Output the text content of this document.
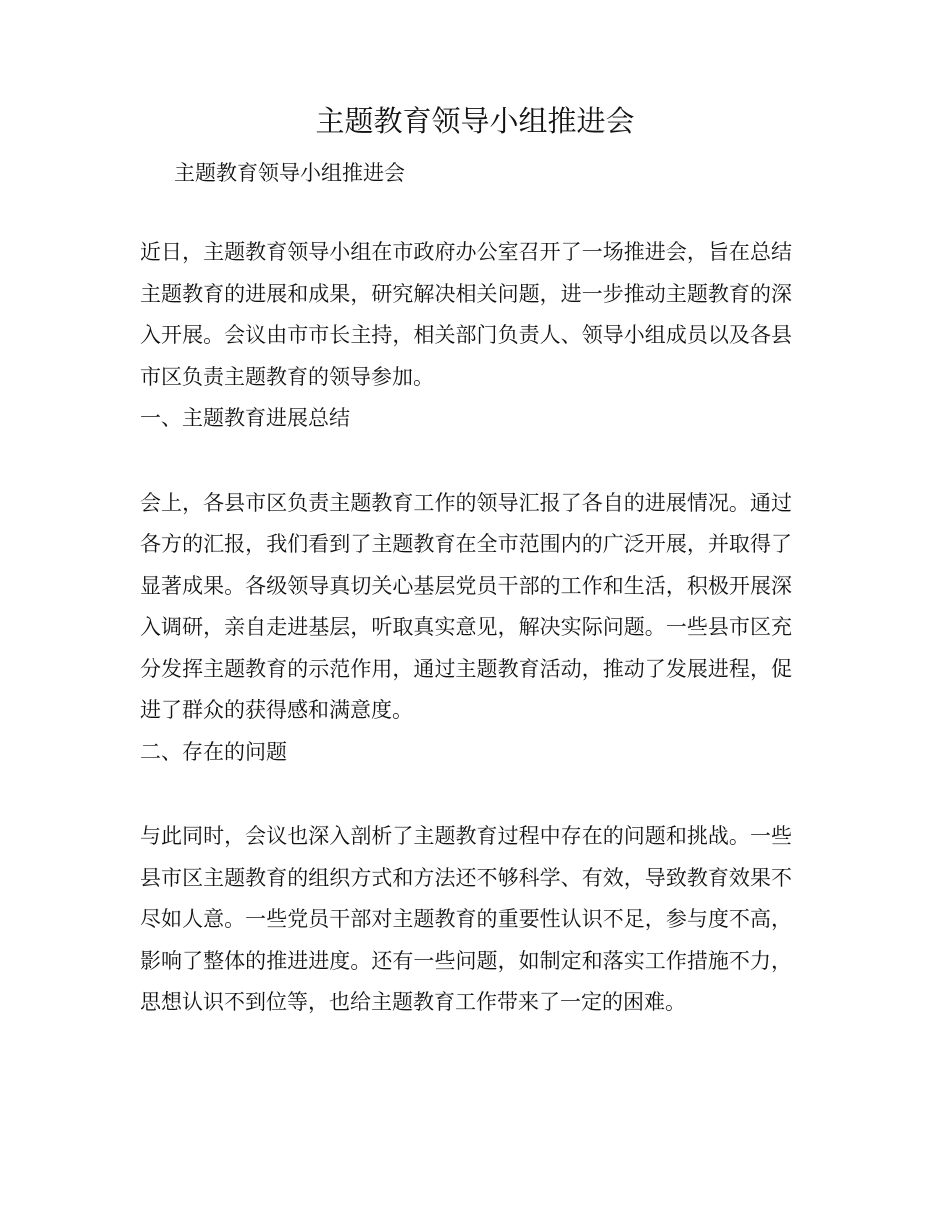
主题教育领导小组推进会

主题教育领导小组推进会

近日，主题教育领导小组在市政府办公室召开了一场推进会，旨在总结主题教育的进展和成果，研究解决相关问题，进一步推动主题教育的深入开展。会议由市市长主持，相关部门负责人、领导小组成员以及各县市区负责主题教育的领导参加。

一、主题教育进展总结

会上，各县市区负责主题教育工作的领导汇报了各自的进展情况。通过各方的汇报，我们看到了主题教育在全市范围内的广泛开展，并取得了显著成果。各级领导真切关心基层党员干部的工作和生活，积极开展深入调研，亲自走进基层，听取真实意见，解决实际问题。一些县市区充分发挥主题教育的示范作用，通过主题教育活动，推动了发展进程，促进了群众的获得感和满意度。

二、存在的问题

与此同时，会议也深入剖析了主题教育过程中存在的问题和挑战。一些县市区主题教育的组织方式和方法还不够科学、有效，导致教育效果不尽如人意。一些党员干部对主题教育的重要性认识不足，参与度不高，影响了整体的推进进度。还有一些问题，如制定和落实工作措施不力，思想认识不到位等，也给主题教育工作带来了一定的困难。
